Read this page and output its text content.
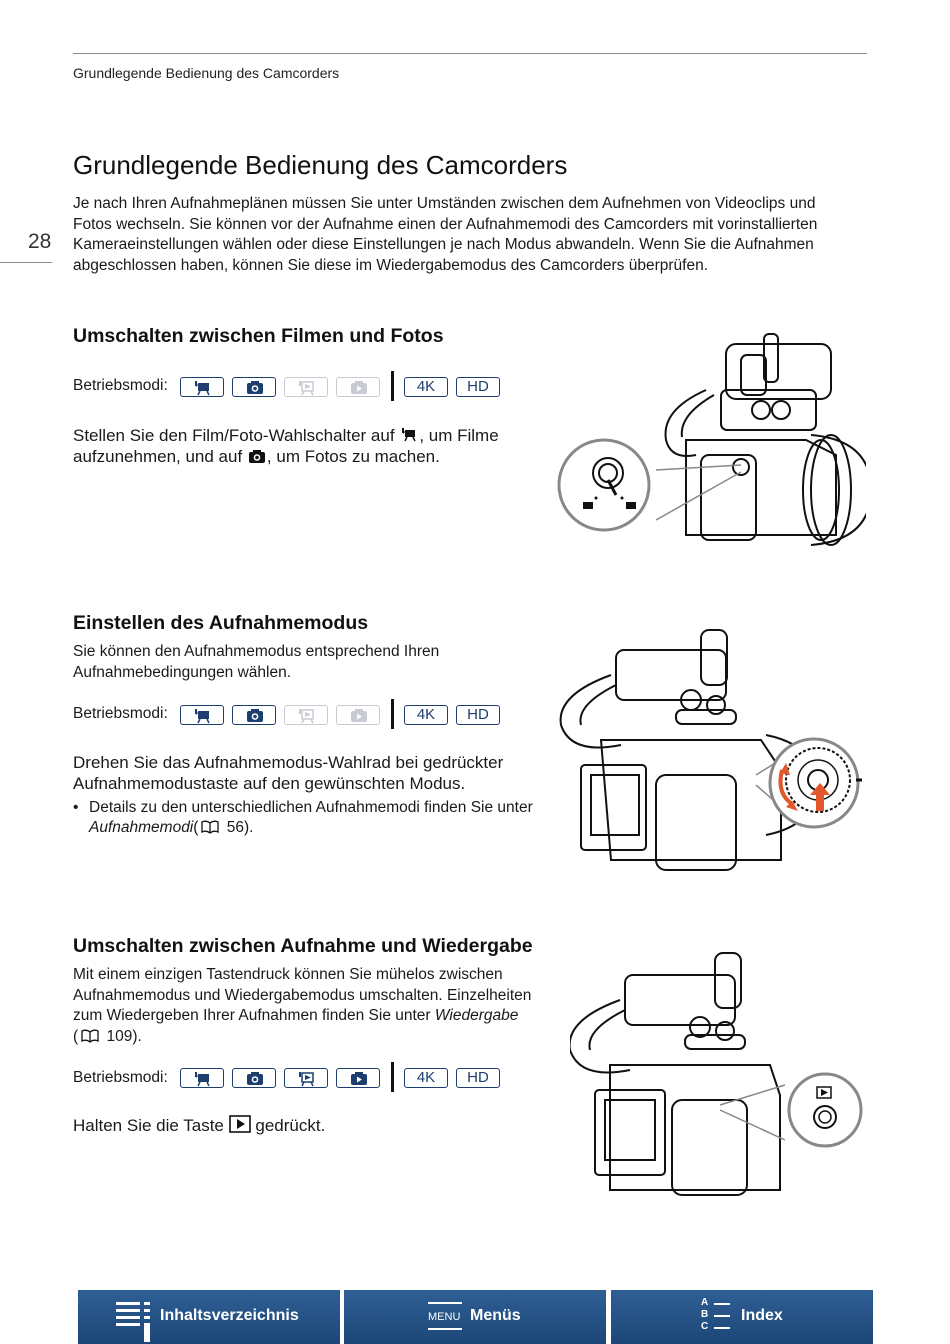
Grundlegende Bedienung des Camcorders
28
Grundlegende Bedienung des Camcorders
Je nach Ihren Aufnahmeplänen müssen Sie unter Umständen zwischen dem Aufnehmen von Videoclips und
Fotos wechseln. Sie können vor der Aufnahme einen der Aufnahmemodi des Camcorders mit vorinstallierten
Kameraeinstellungen wählen oder diese Einstellungen je nach Modus abwandeln. Wenn Sie die Aufnahmen
abgeschlossen haben, können Sie diese im Wiedergabemodus des Camcorders überprüfen.
Umschalten zwischen Filmen und Fotos
Betriebsmodi:	4K	HD
Stellen Sie den Film/Foto-Wahlschalter auf , um Filme
aufzunehmen, und auf , um Fotos zu machen.
Einstellen des Aufnahmemodus
Sie können den Aufnahmemodus entsprechend Ihren
Aufnahmebedingungen wählen.
Betriebsmodi:	4K	HD
Drehen Sie das Aufnahmemodus-Wahlrad bei gedrückter
Aufnahmemodustaste auf den gewünschten Modus.
• Details zu den unterschiedlichen Aufnahmemodi finden Sie unter
Aufnahmemodi( 56).
Umschalten zwischen Aufnahme und Wiedergabe
Mit einem einzigen Tastendruck können Sie mühelos zwischen
Aufnahmemodus und Wiedergabemodus umschalten. Einzelheiten
zum Wiedergeben Ihrer Aufnahmen finden Sie unter Wiedergabe
( 109).
Betriebsmodi:	4K	HD
Halten Sie die Taste gedrückt.
Inhaltsverzeichnis	MENU Menüs
A
B
C
Index
